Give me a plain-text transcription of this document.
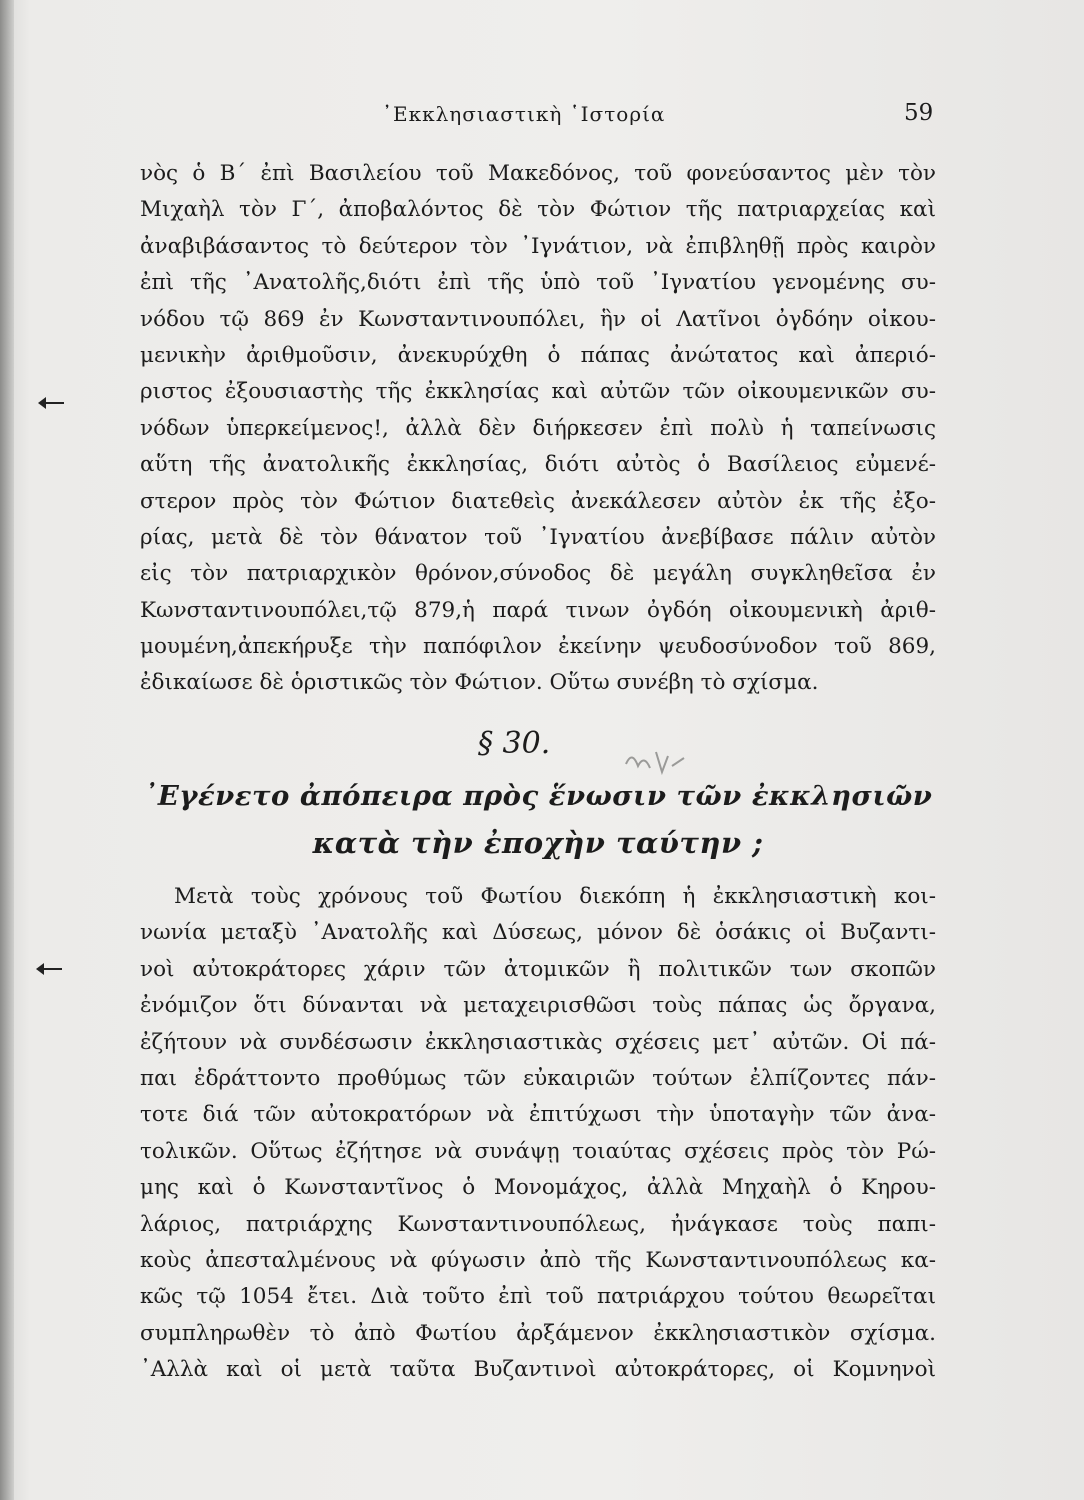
᾿Εκκλησιαστικὴ ῾Ιστορία	59
νὸς ὁ Β΄ ἐπὶ Βασιλείου τοῦ Μακεδόνος, τοῦ φονεύσαντος μὲν τὸν
Μιχαὴλ τὸν Γ΄, ἀποβαλόντος δὲ τὸν Φώτιον τῆς πατριαρχείας καὶ
ἀναβιβάσαντος τὸ δεύτερον τὸν ᾿Ιγνάτιον, νὰ ἐπιβληθῇ πρὸς καιρὸν
ἐπὶ τῆς ᾿Ανατολῆς,διότι ἐπὶ τῆς ὑπὸ τοῦ ᾿Ιγνατίου γενομένης συ-
νόδου τῷ 869 ἐν Κωνσταντινουπόλει, ἣν οἱ Λατῖνοι ὀγδόην οἰκου-
μενικὴν ἀριθμοῦσιν, ἀνεκυρύχθη ὁ πάπας ἀνώτατος καὶ ἀπεριό-
ριστος ἐξουσιαστὴς τῆς ἐκκλησίας καὶ αὐτῶν τῶν οἰκουμενικῶν συ-
νόδων ὑπερκείμενος!, ἀλλὰ δὲν διήρκεσεν ἐπὶ πολὺ ἡ ταπείνωσις
αὕτη τῆς ἀνατολικῆς ἐκκλησίας, διότι αὐτὸς ὁ Βασίλειος εὐμενέ-
στερον πρὸς τὸν Φώτιον διατεθεὶς ἀνεκάλεσεν αὐτὸν ἐκ τῆς ἐξο-
ρίας, μετὰ δὲ τὸν θάνατον τοῦ ᾿Ιγνατίου ἀνεβίβασε πάλιν αὐτὸν
εἰς τὸν πατριαρχικὸν θρόνον,σύνοδος δὲ μεγάλη συγκληθεῖσα ἐν
Κωνσταντινουπόλει,τῷ 879,ἡ παρά τινων ὀγδόη οἰκουμενικὴ ἀριθ-
μουμένη,ἀπεκήρυξε τὴν παπόφιλον ἐκείνην ψευδοσύνοδον τοῦ 869,
ἐδικαίωσε δὲ ὁριστικῶς τὸν Φώτιον. Οὕτω συνέβη τὸ σχίσμα.
§ 30.
᾿Εγένετο ἀπόπειρα πρὸς ἕνωσιν τῶν ἐκκλησιῶν
κατὰ τὴν ἐποχὴν ταύτην ;
Μετὰ τοὺς χρόνους τοῦ Φωτίου διεκόπη ἡ ἐκκλησιαστικὴ κοι-
νωνία μεταξὺ ᾿Ανατολῆς καὶ Δύσεως, μόνον δὲ ὁσάκις οἱ Βυζαντι-
νοὶ αὐτοκράτορες χάριν τῶν ἀτομικῶν ἢ πολιτικῶν των σκοπῶν
ἐνόμιζον ὅτι δύνανται νὰ μεταχειρισθῶσι τοὺς πάπας ὡς ὄργανα,
ἐζήτουν νὰ συνδέσωσιν ἐκκλησιαστικὰς σχέσεις μετ᾿ αὐτῶν. Οἱ πά-
παι ἐδράττοντο προθύμως τῶν εὐκαιριῶν τούτων ἐλπίζοντες πάν-
τοτε διά τῶν αὐτοκρατόρων νὰ ἐπιτύχωσι τὴν ὑποταγὴν τῶν ἀνα-
τολικῶν. Οὕτως ἐζήτησε νὰ συνάψῃ τοιαύτας σχέσεις πρὸς τὸν Ρώ-
μης καὶ ὁ Κωνσταντῖνος ὁ Μονομάχος, ἀλλὰ Μηχαὴλ ὁ Κηρου-
λάριος, πατριάρχης Κωνσταντινουπόλεως, ἠνάγκασε τοὺς παπι-
κοὺς ἀπεσταλμένους νὰ φύγωσιν ἀπὸ τῆς Κωνσταντινουπόλεως κα-
κῶς τῷ 1054 ἔτει. Διὰ τοῦτο ἐπὶ τοῦ πατριάρχου τούτου θεωρεῖται
συμπληρωθὲν τὸ ἀπὸ Φωτίου ἀρξάμενον ἐκκλησιαστικὸν σχίσμα.
᾿Αλλὰ καὶ οἱ μετὰ ταῦτα Βυζαντινοὶ αὐτοκράτορες, οἱ Κομνηνοὶ
